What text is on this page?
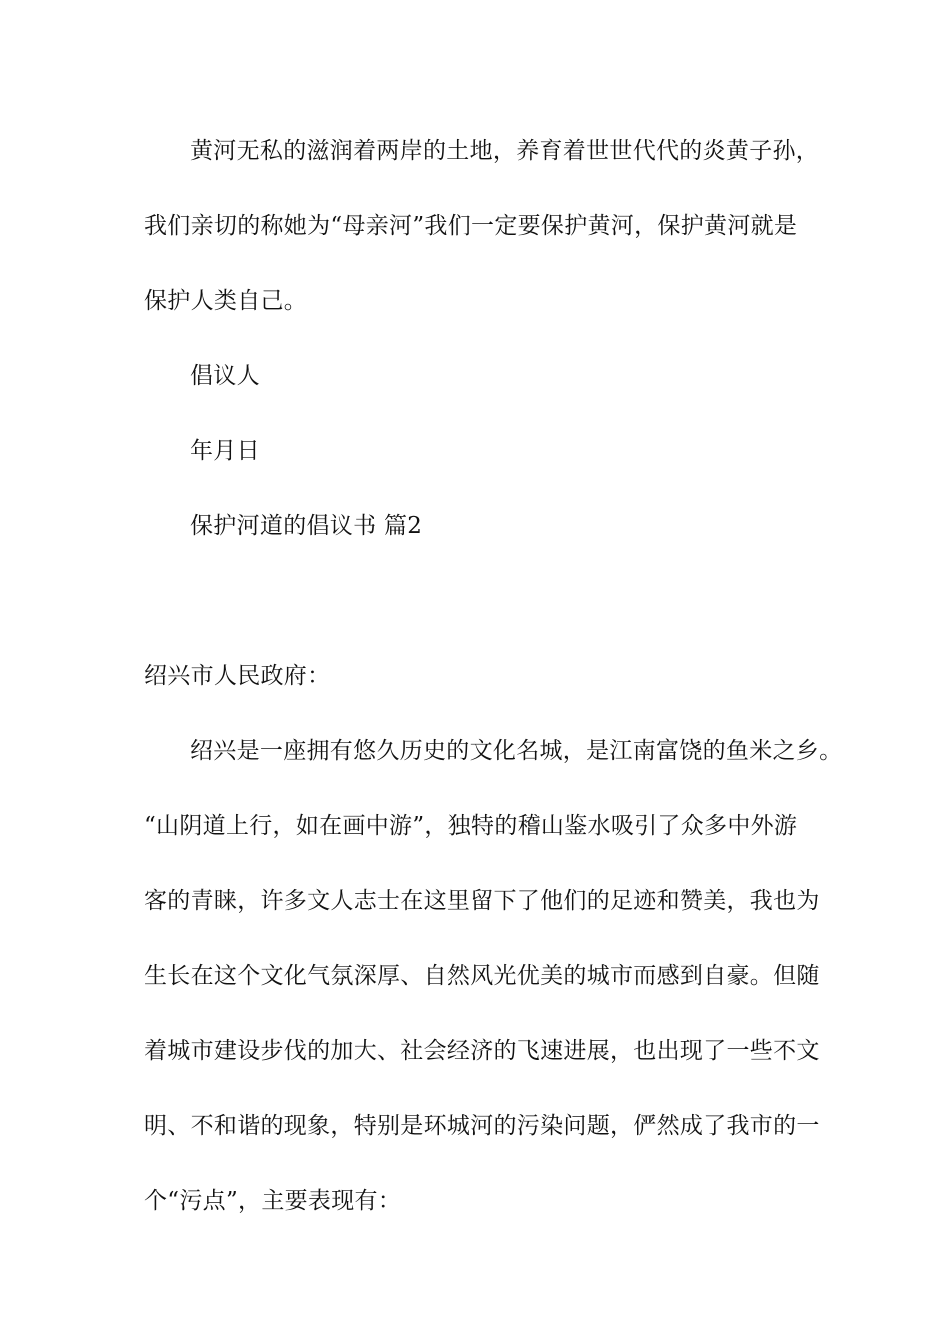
黄河无私的滋润着两岸的土地，养育着世世代代的炎黄子孙，
我们亲切的称她为“母亲河”我们一定要保护黄河，保护黄河就是
保护人类自己。
倡议人
年月日
保护河道的倡议书 篇2
绍兴市人民政府：
绍兴是一座拥有悠久历史的文化名城，是江南富饶的鱼米之乡。
“山阴道上行，如在画中游”，独特的稽山鉴水吸引了众多中外游
客的青睐，许多文人志士在这里留下了他们的足迹和赞美，我也为
生长在这个文化气氛深厚、自然风光优美的城市而感到自豪。但随
着城市建设步伐的加大、社会经济的飞速进展，也出现了一些不文
明、不和谐的现象，特别是环城河的污染问题，俨然成了我市的一
个“污点”，主要表现有：
